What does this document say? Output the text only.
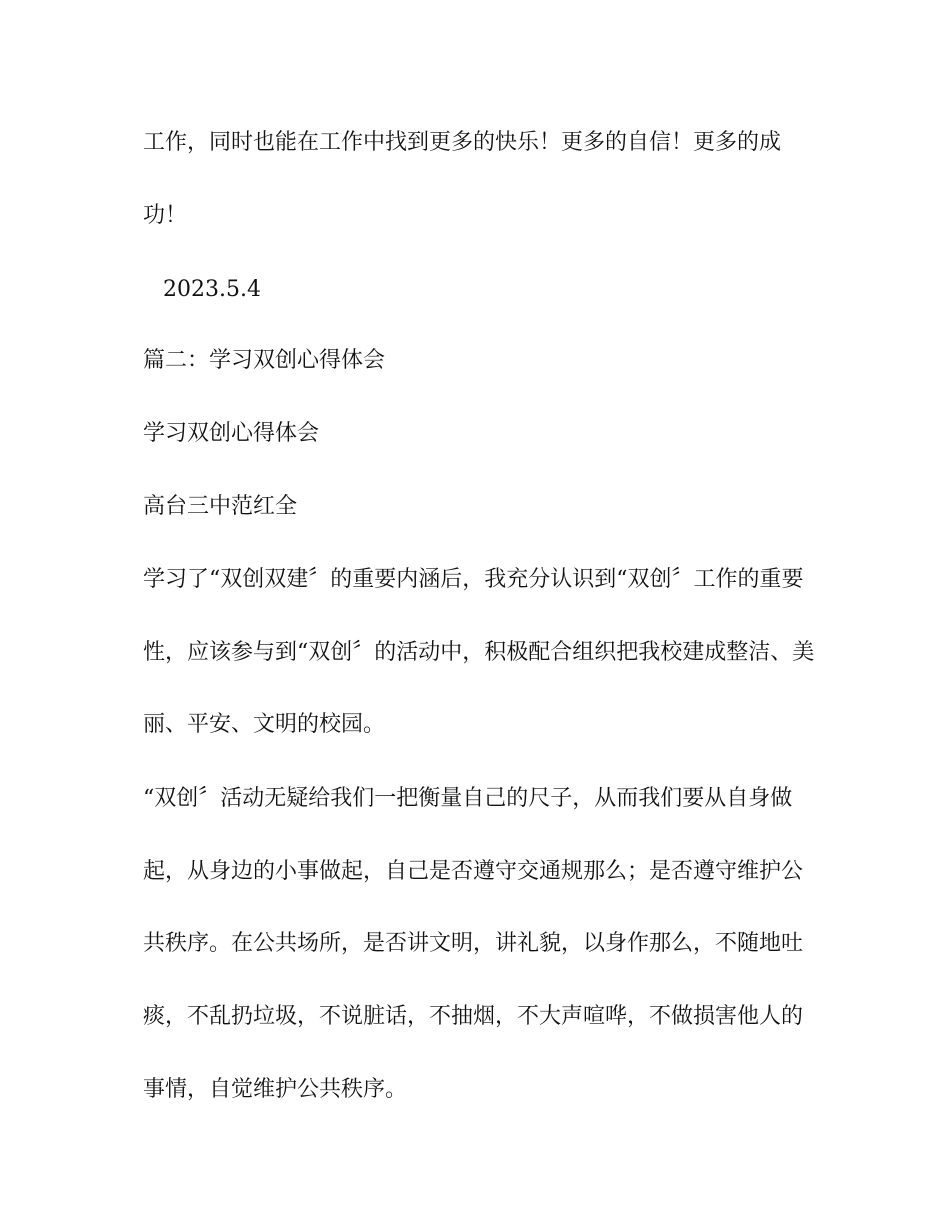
工作，同时也能在工作中找到更多的快乐！更多的自信！更多的成
功！
2023.5.4
篇二：学习双创心得体会
学习双创心得体会
高台三中范红全
学习了“双创双建〞的重要内涵后，我充分认识到“双创〞工作的重要
性，应该参与到“双创〞的活动中，积极配合组织把我校建成整洁、美
丽、平安、文明的校园。
“双创〞活动无疑给我们一把衡量自己的尺子，从而我们要从自身做
起，从身边的小事做起，自己是否遵守交通规那么；是否遵守维护公
共秩序。在公共场所，是否讲文明，讲礼貌，以身作那么，不随地吐
痰，不乱扔垃圾，不说脏话，不抽烟，不大声喧哗，不做损害他人的
事情，自觉维护公共秩序。
